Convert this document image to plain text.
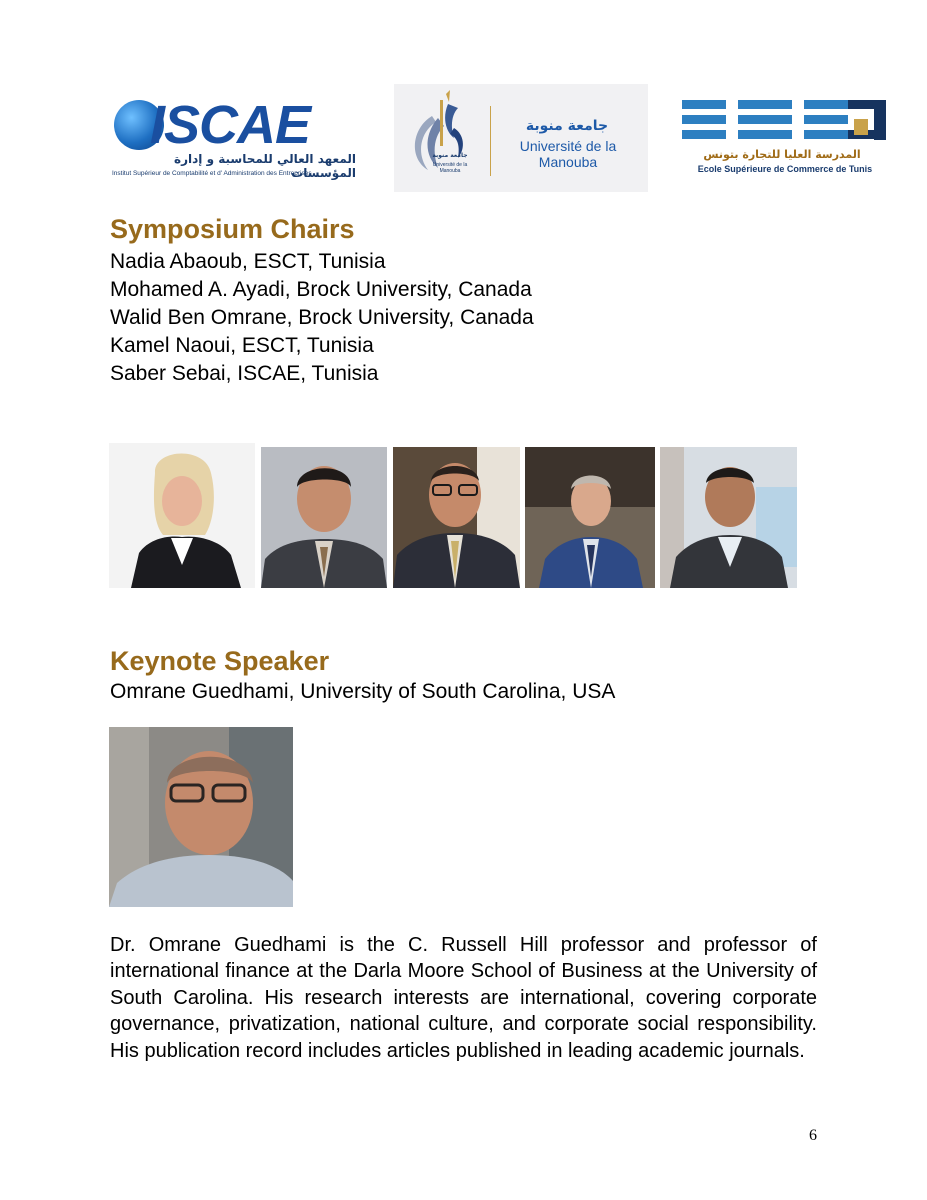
ISCAE
المعهد العالي للمحاسبة و إدارة المؤسسات
Institut Supérieur de Comptabilité et d' Administration des Entreprises
جامعة منوبة
Université de la Manouba
جامعة منوبة
Université de la Manouba	المدرسة العليا للتجارة بتونس
Ecole Supérieure de Commerce de Tunis
Symposium Chairs
Nadia Abaoub, ESCT, Tunisia
Mohamed A. Ayadi, Brock University, Canada
Walid Ben Omrane, Brock University, Canada
Kamel Naoui, ESCT, Tunisia
Saber Sebai, ISCAE, Tunisia
Keynote Speaker

Omrane Guedhami, University of South Carolina, USA

Dr. Omrane Guedhami is the C. Russell Hill professor and professor of international finance at the Darla Moore School of Business at the University of South Carolina. His research interests are international, covering corporate governance, privatization, national culture, and corporate social responsibility. His publication record includes articles published in leading academic journals.

6
